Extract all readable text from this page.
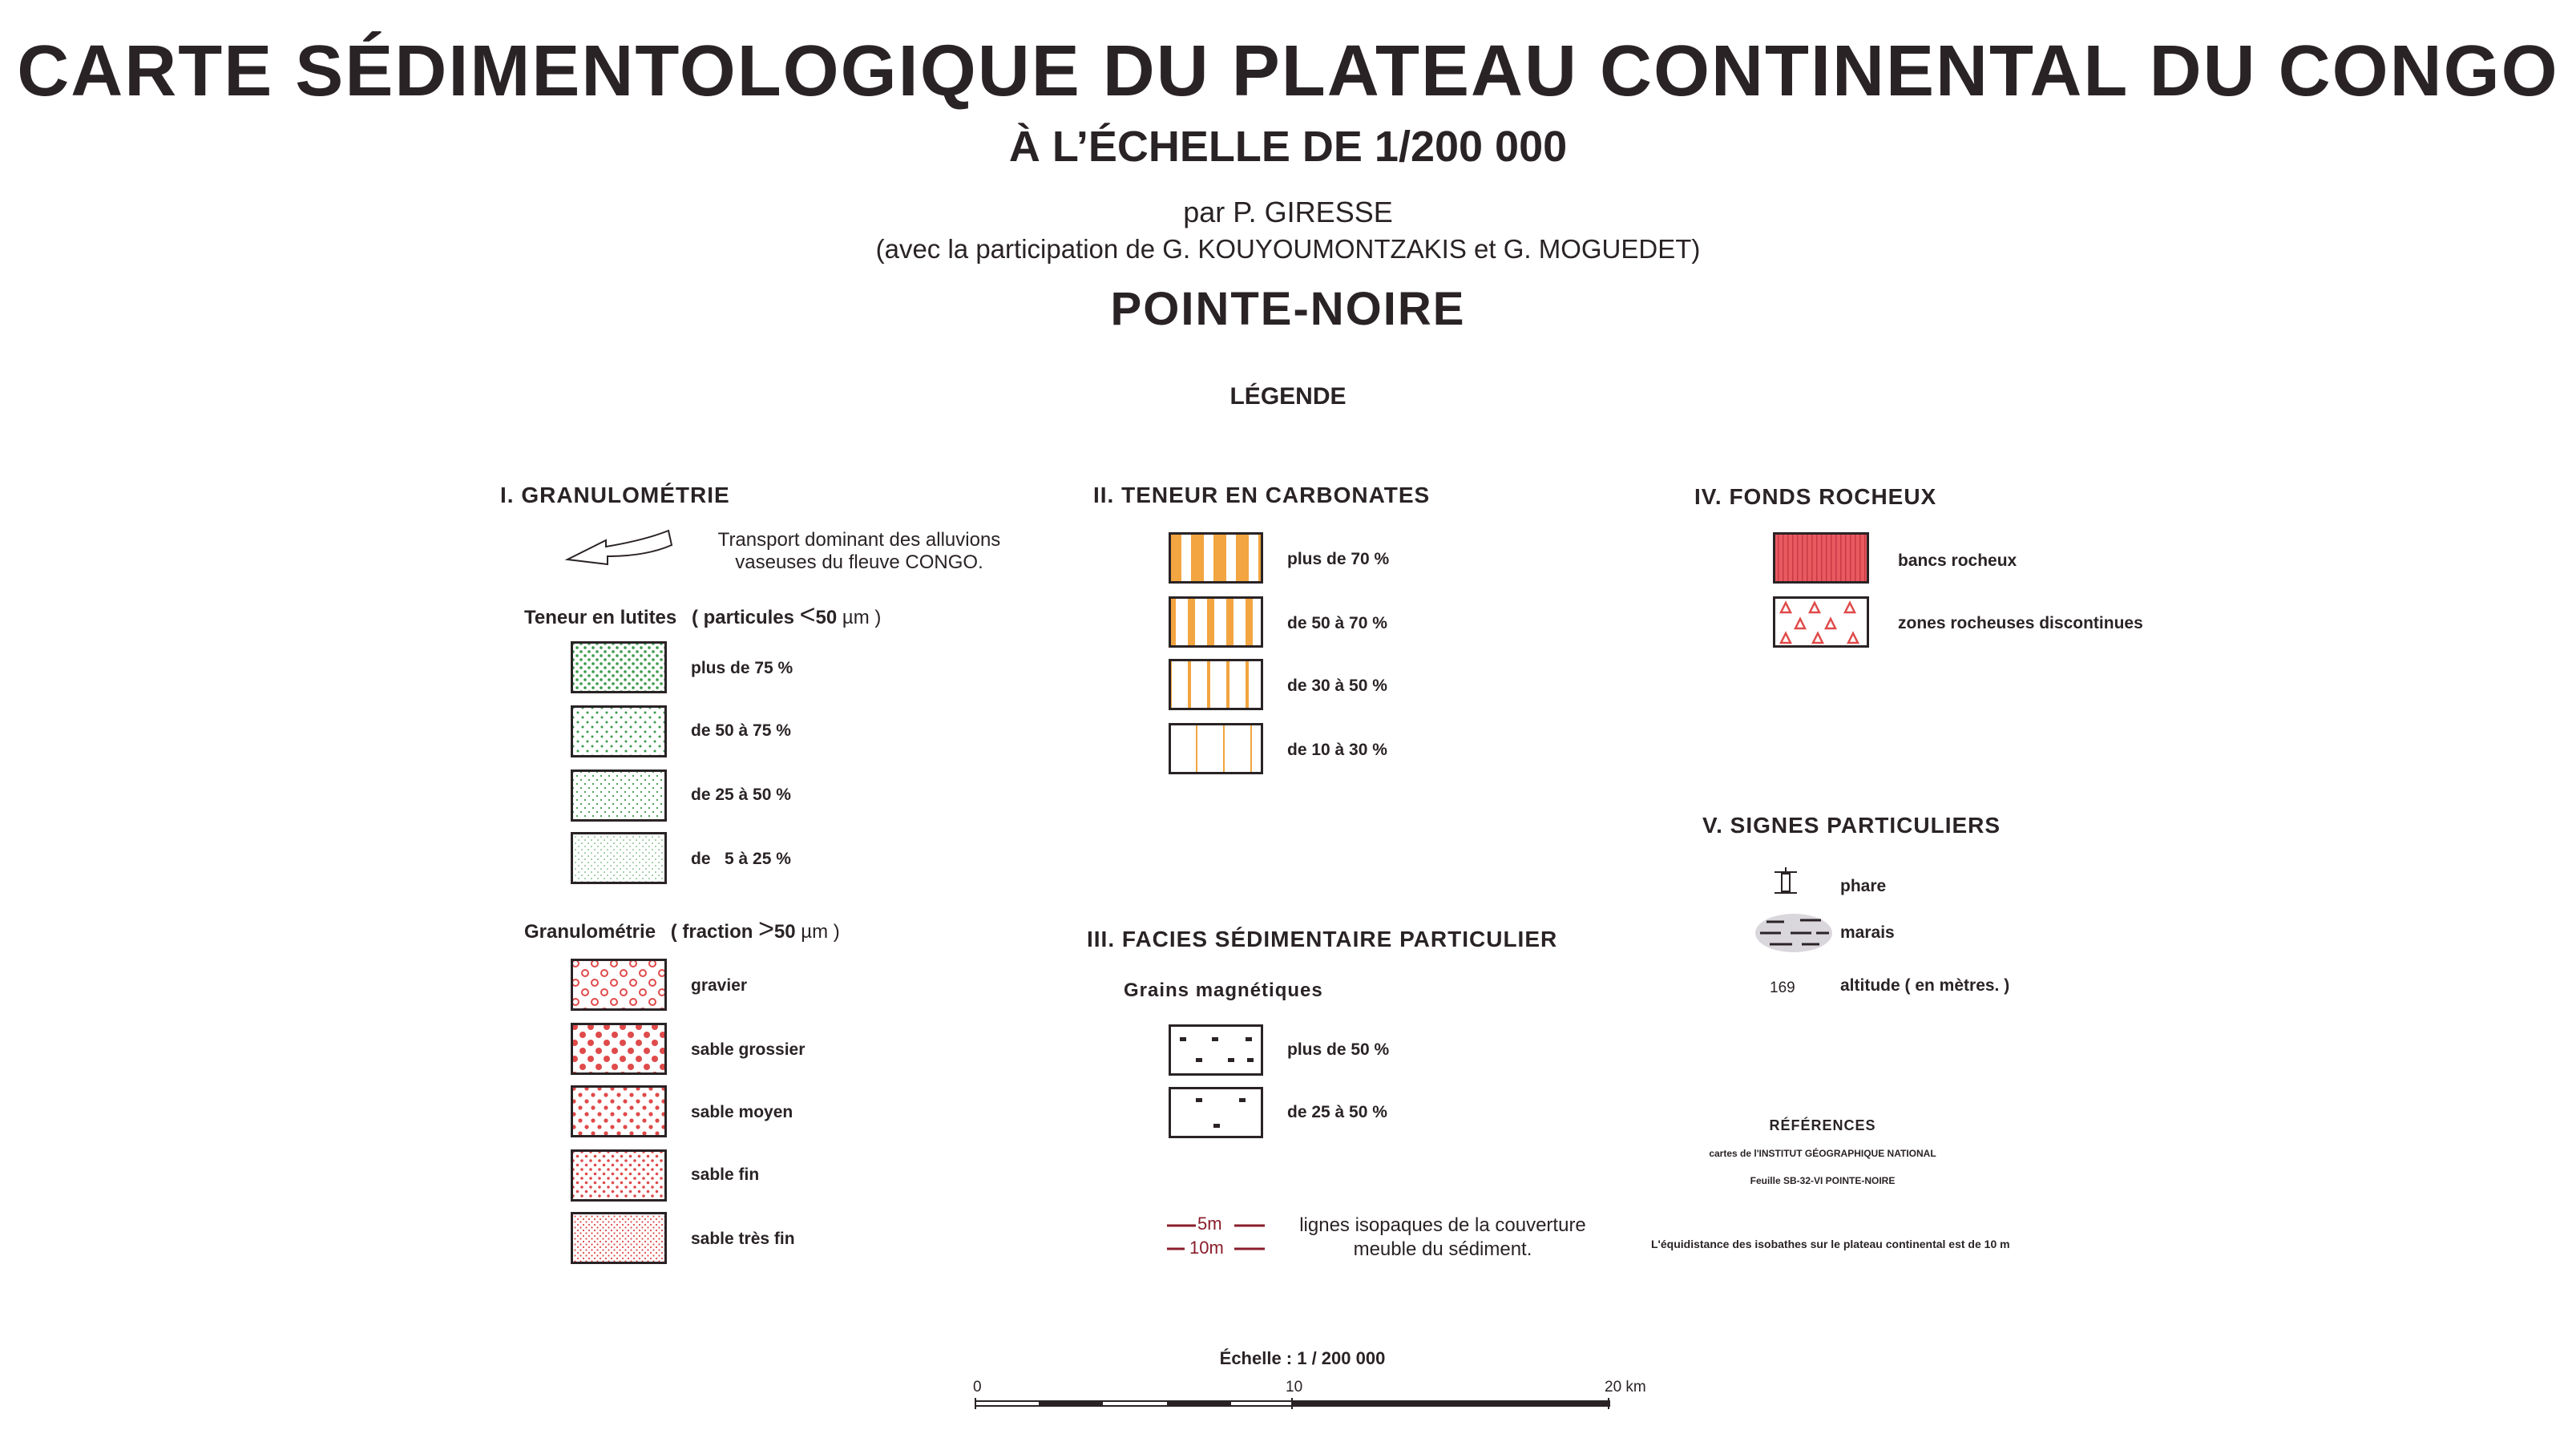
CARTE SÉDIMENTOLOGIQUE DU PLATEAU CONTINENTAL DU CONGO
À L’ÉCHELLE DE 1/200 000
par P. GIRESSE
(avec la participation de G. KOUYOUMONTZAKIS et G. MOGUEDET)
POINTE-NOIRE
LÉGENDE
I. GRANULOMÉTRIE
Transport dominant des alluvions
vaseuses du fleuve CONGO.
Teneur en lutites ( particules <50 µm )
plus de 75 %
de 50 à 75 %
de 25 à 50 %
de   5 à 25 %
Granulométrie ( fraction >50 µm )
gravier
sable grossier
sable moyen
sable fin
sable très fin
II. TENEUR EN CARBONATES
plus de 70 %
de 50 à 70 %
de 30 à 50 %
de 10 à 30 %
III. FACIES SÉDIMENTAIRE PARTICULIER
Grains magnétiques
plus de 50 %
de 25 à 50 %
5m
10m
lignes isopaques de la couverture
meuble du sédiment.
IV. FONDS ROCHEUX
bancs rocheux
zones rocheuses discontinues
V. SIGNES PARTICULIERS
phare
marais
169	altitude ( en mètres. )
RÉFÉRENCES
cartes de l'INSTITUT GÉOGRAPHIQUE NATIONAL
Feuille SB-32-VI POINTE-NOIRE
L'équidistance des isobathes sur le plateau continental est de 10 m
Échelle : 1 / 200 000
0	10	20 km
